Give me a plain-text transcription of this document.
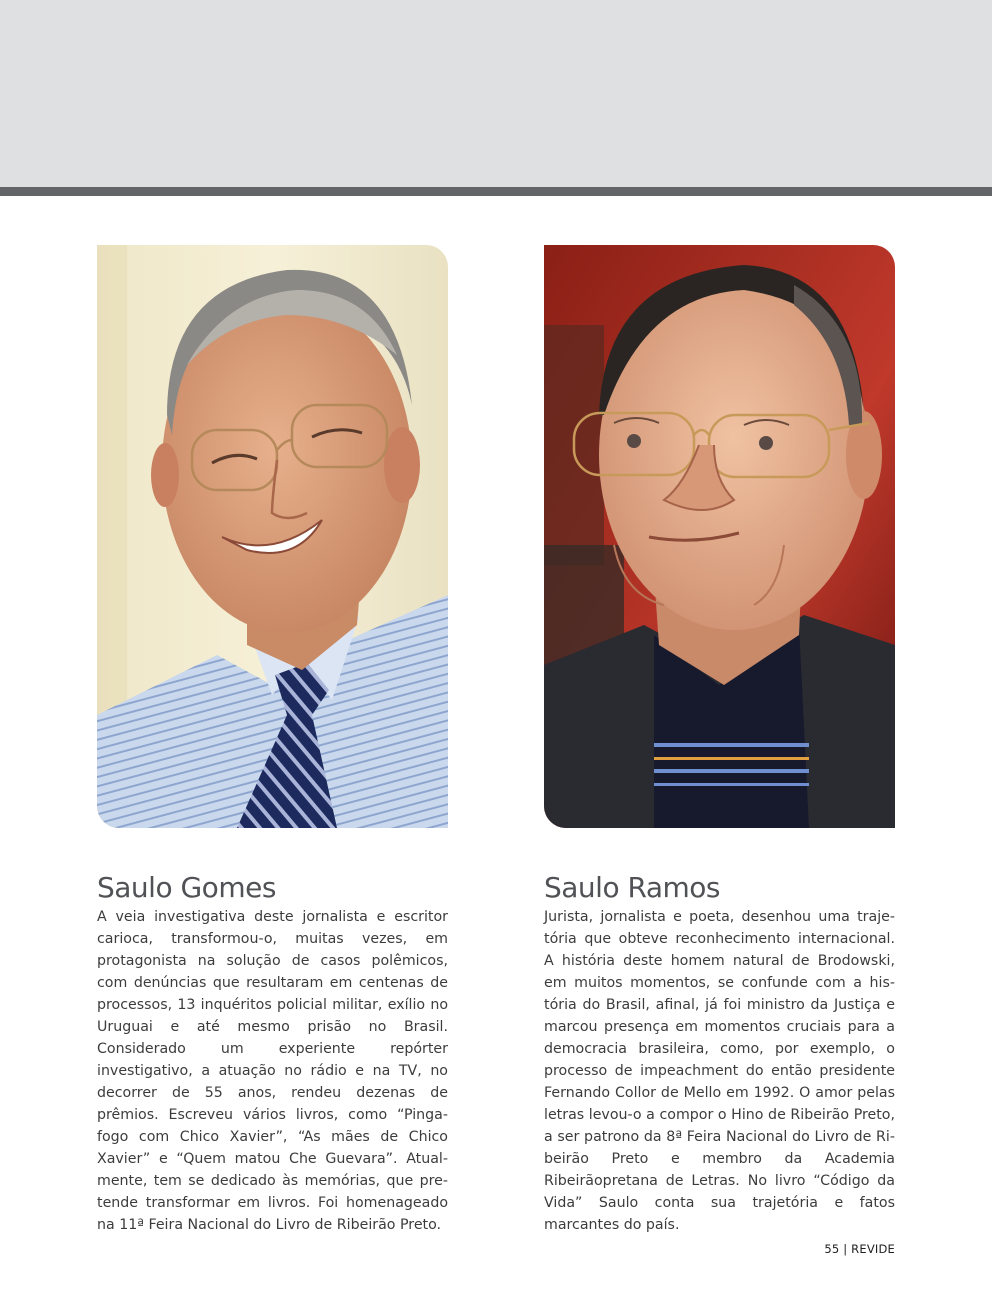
Saulo Gomes

A veia investigativa deste jornalista e escritor carioca, transformou-o, muitas vezes, em protagonista na solução de casos polêmicos, com denúncias que resultaram em centenas de processos, 13 inquéritos policial militar, exílio no Uruguai e até mesmo prisão no Brasil. Considerado um experiente repórter investigativo, a atuação no rádio e na TV, no decorrer de 55 anos, rendeu dezenas de prêmios. Escreveu vários livros, como “Pinga-fogo com Chico Xavier”, “As mães de Chico Xavier” e “Quem matou Che Guevara”. Atualmente, tem se dedicado às memórias, que pretende transformar em livros. Foi homenageado na 11ª Feira Nacional do Livro de Ribeirão Preto.

Saulo Ramos

Jurista, jornalista e poeta, desenhou uma trajetória que obteve reconhecimento internacional. A história deste homem natural de Brodowski, em muitos momentos, se confunde com a história do Brasil, afinal, já foi ministro da Justiça e marcou presença em momentos cruciais para a democracia brasileira, como, por exemplo, o processo de impeachment do então presidente Fernando Collor de Mello em 1992. O amor pelas letras levou-o a compor o Hino de Ribeirão Preto, a ser patrono da 8ª Feira Nacional do Livro de Ribeirão Preto e membro da Academia Ribeirãopretana de Letras. No livro “Código da Vida” Saulo conta sua trajetória e fatos marcantes do país.

55 | REVIDE
